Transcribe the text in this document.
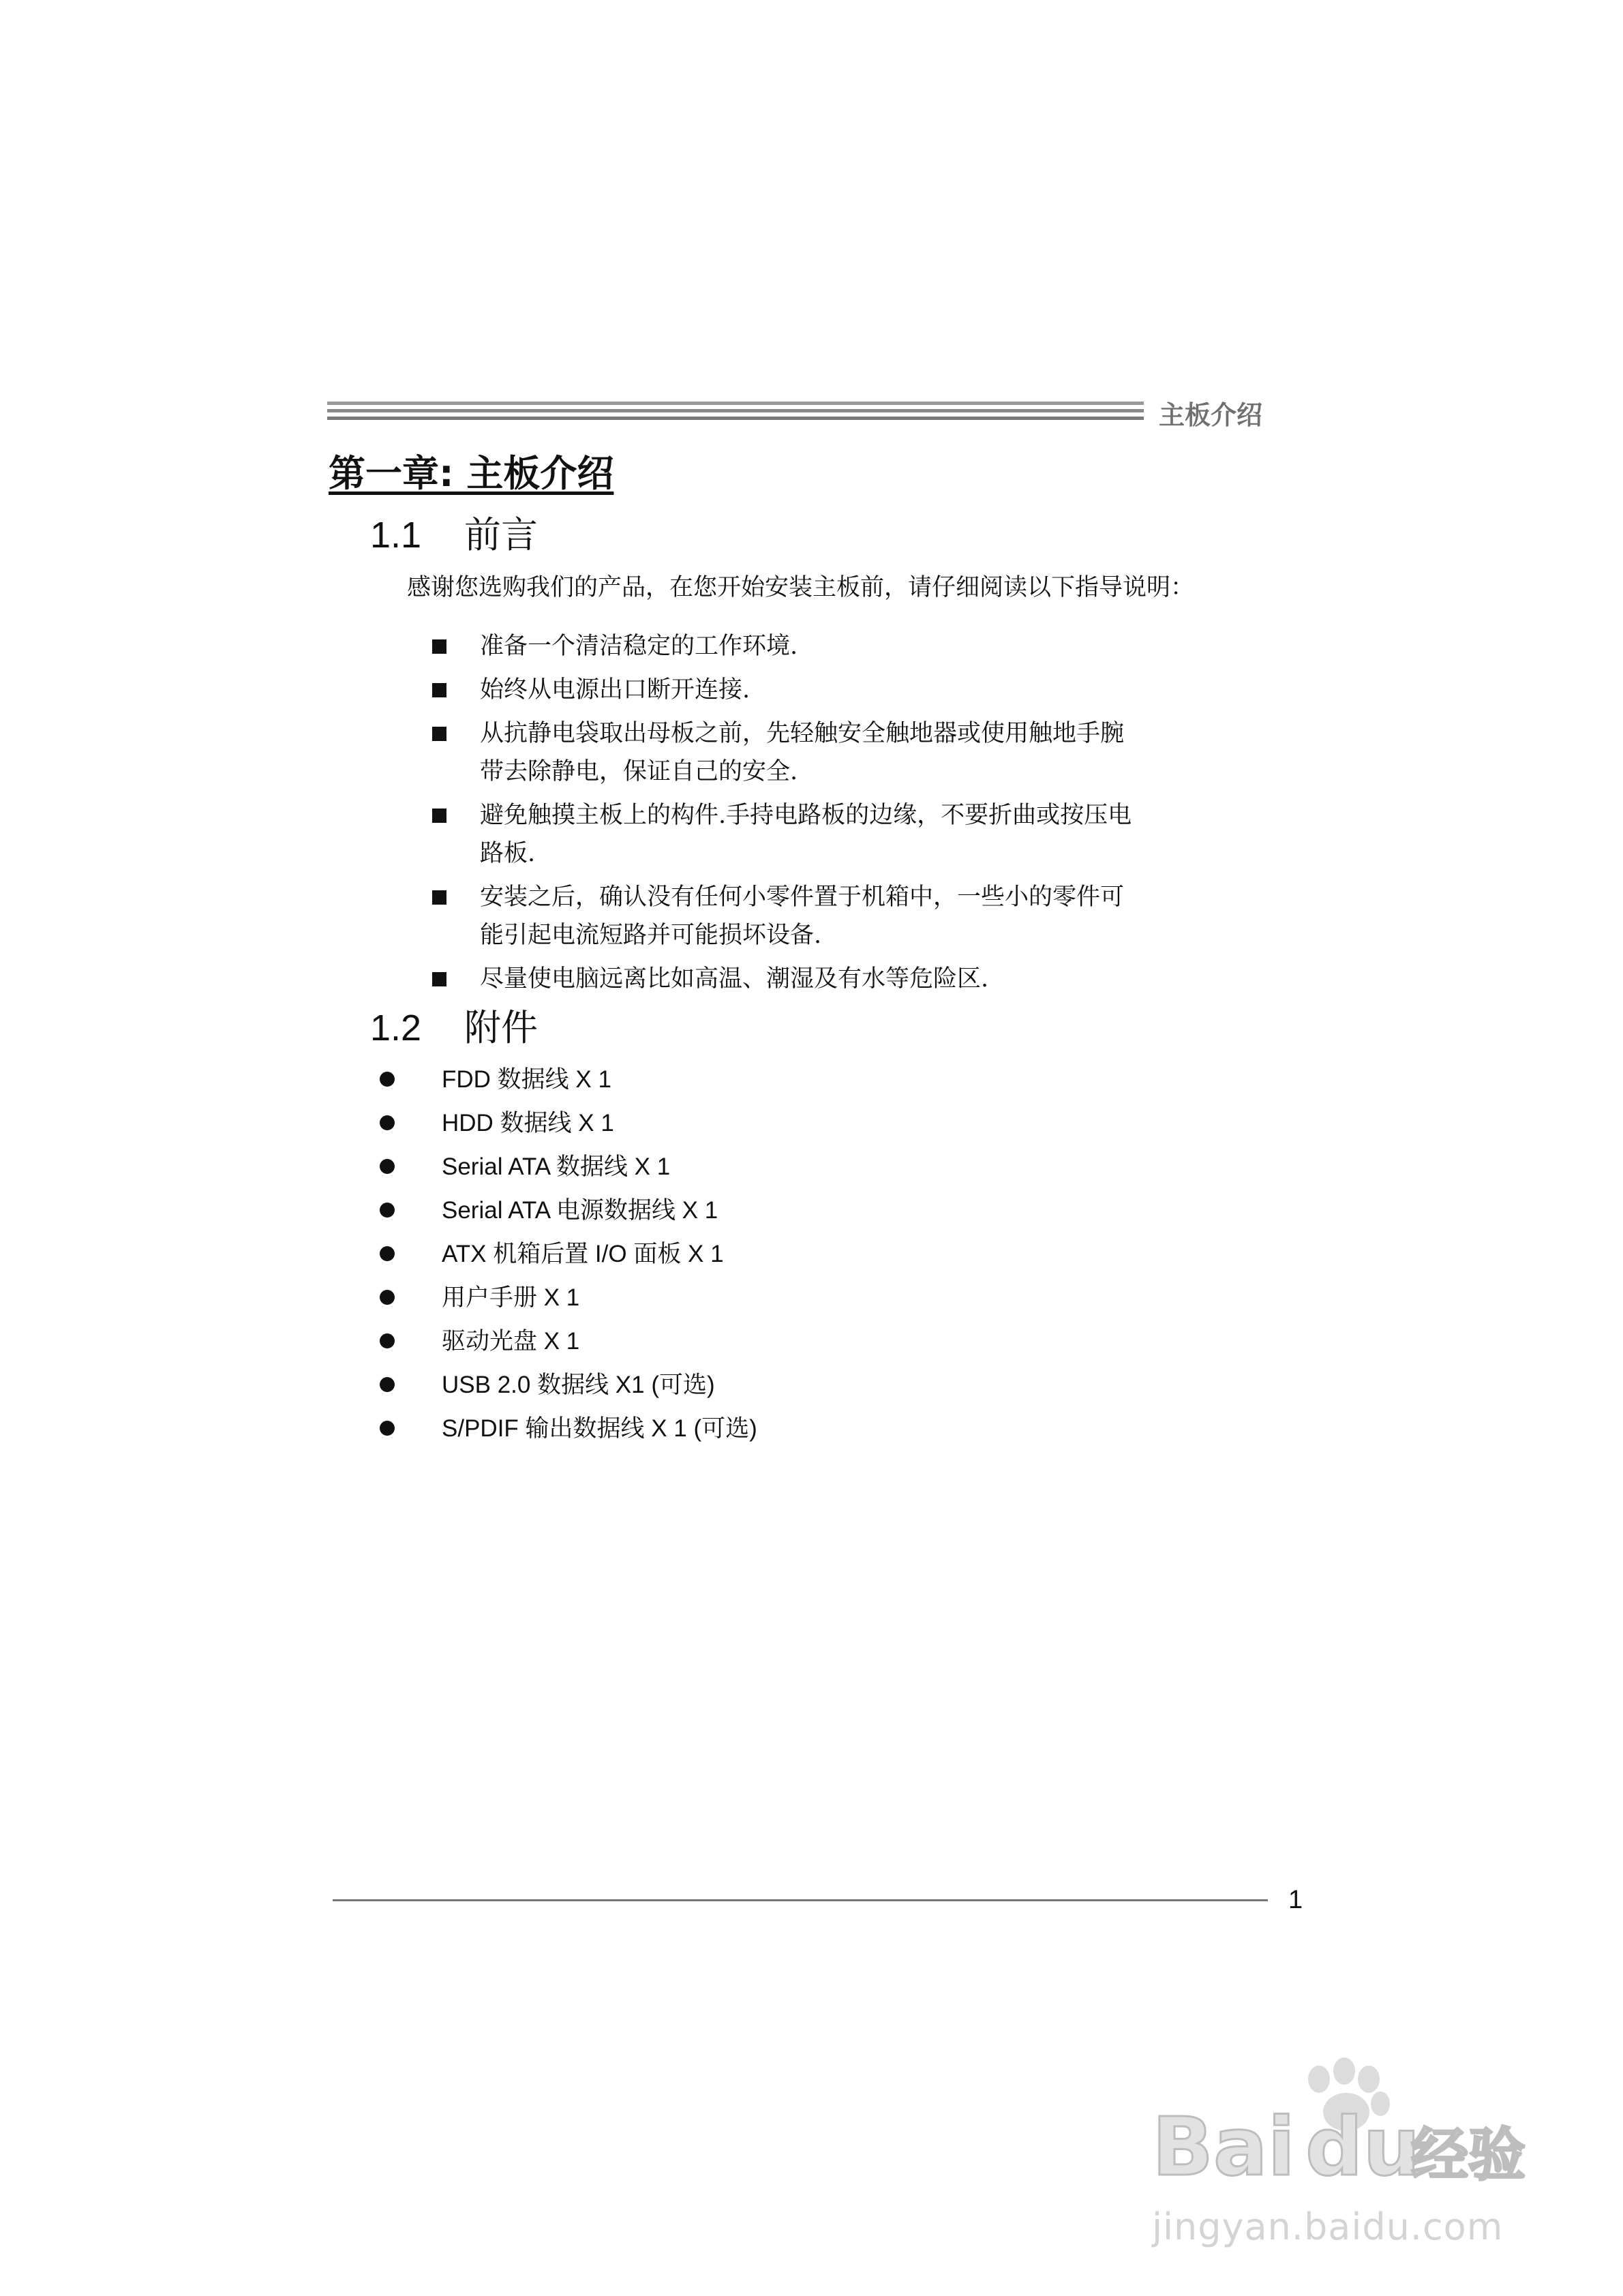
主板介绍
第一章: 主板介绍
1.1 前言
感谢您选购我们的产品，在您开始安装主板前，请仔细阅读以下指导说明：
准备一个清洁稳定的工作环境.
始终从电源出口断开连接.
从抗静电袋取出母板之前，先轻触安全触地器或使用触地手腕
带去除静电，保证自己的安全.
避免触摸主板上的构件.手持电路板的边缘，不要折曲或按压电
路板.
安装之后，确认没有任何小零件置于机箱中，一些小的零件可
能引起电流短路并可能损坏设备.
尽量使电脑远离比如高温、潮湿及有水等危险区.
1.2 附件
FDD 数据线 X 1
HDD 数据线 X 1
Serial ATA 数据线 X 1
Serial ATA 电源数据线 X 1
ATX 机箱后置 I/O 面板 X 1
用户手册 X 1
驱动光盘 X 1
USB 2.0 数据线 X1 (可选)
S/PDIF 输出数据线 X 1 (可选)
1
Bai du
经验
jingyan.baidu.com
